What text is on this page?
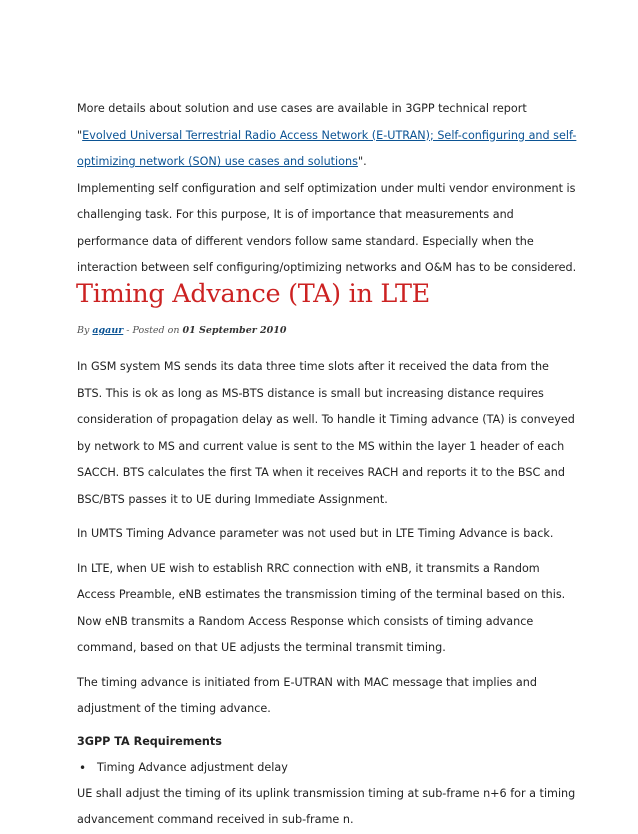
More details about solution and use cases are available in 3GPP technical report "Evolved Universal Terrestrial Radio Access Network (E-UTRAN); Self-configuring and self-optimizing network (SON) use cases and solutions".

Implementing self configuration and self optimization under multi vendor environment is challenging task. For this purpose, It is of importance that measurements and performance data of different vendors follow same standard. Especially when the interaction between self configuring/optimizing networks and O&M has to be considered.

Timing Advance (TA) in LTE
By agaur - Posted on 01 September 2010

In GSM system MS sends its data three time slots after it received the data from the BTS. This is ok as long as MS-BTS distance is small but increasing distance requires consideration of propagation delay as well. To handle it Timing advance (TA) is conveyed by network to MS and current value is sent to the MS within the layer 1 header of each SACCH. BTS calculates the first TA when it receives RACH and reports it to the BSC and BSC/BTS passes it to UE during Immediate Assignment.

In UMTS Timing Advance parameter was not used but in LTE Timing Advance is back.

In LTE, when UE wish to establish RRC connection with eNB, it transmits a Random Access Preamble, eNB estimates the transmission timing of the terminal based on this. Now eNB transmits a Random Access Response which consists of timing advance command, based on that UE adjusts the terminal transmit timing.

The timing advance is initiated from E-UTRAN with MAC message that implies and adjustment of the timing advance.

3GPP TA Requirements
• Timing Advance adjustment delay

UE shall adjust the timing of its uplink transmission timing at sub-frame n+6 for a timing advancement command received in sub-frame n.
